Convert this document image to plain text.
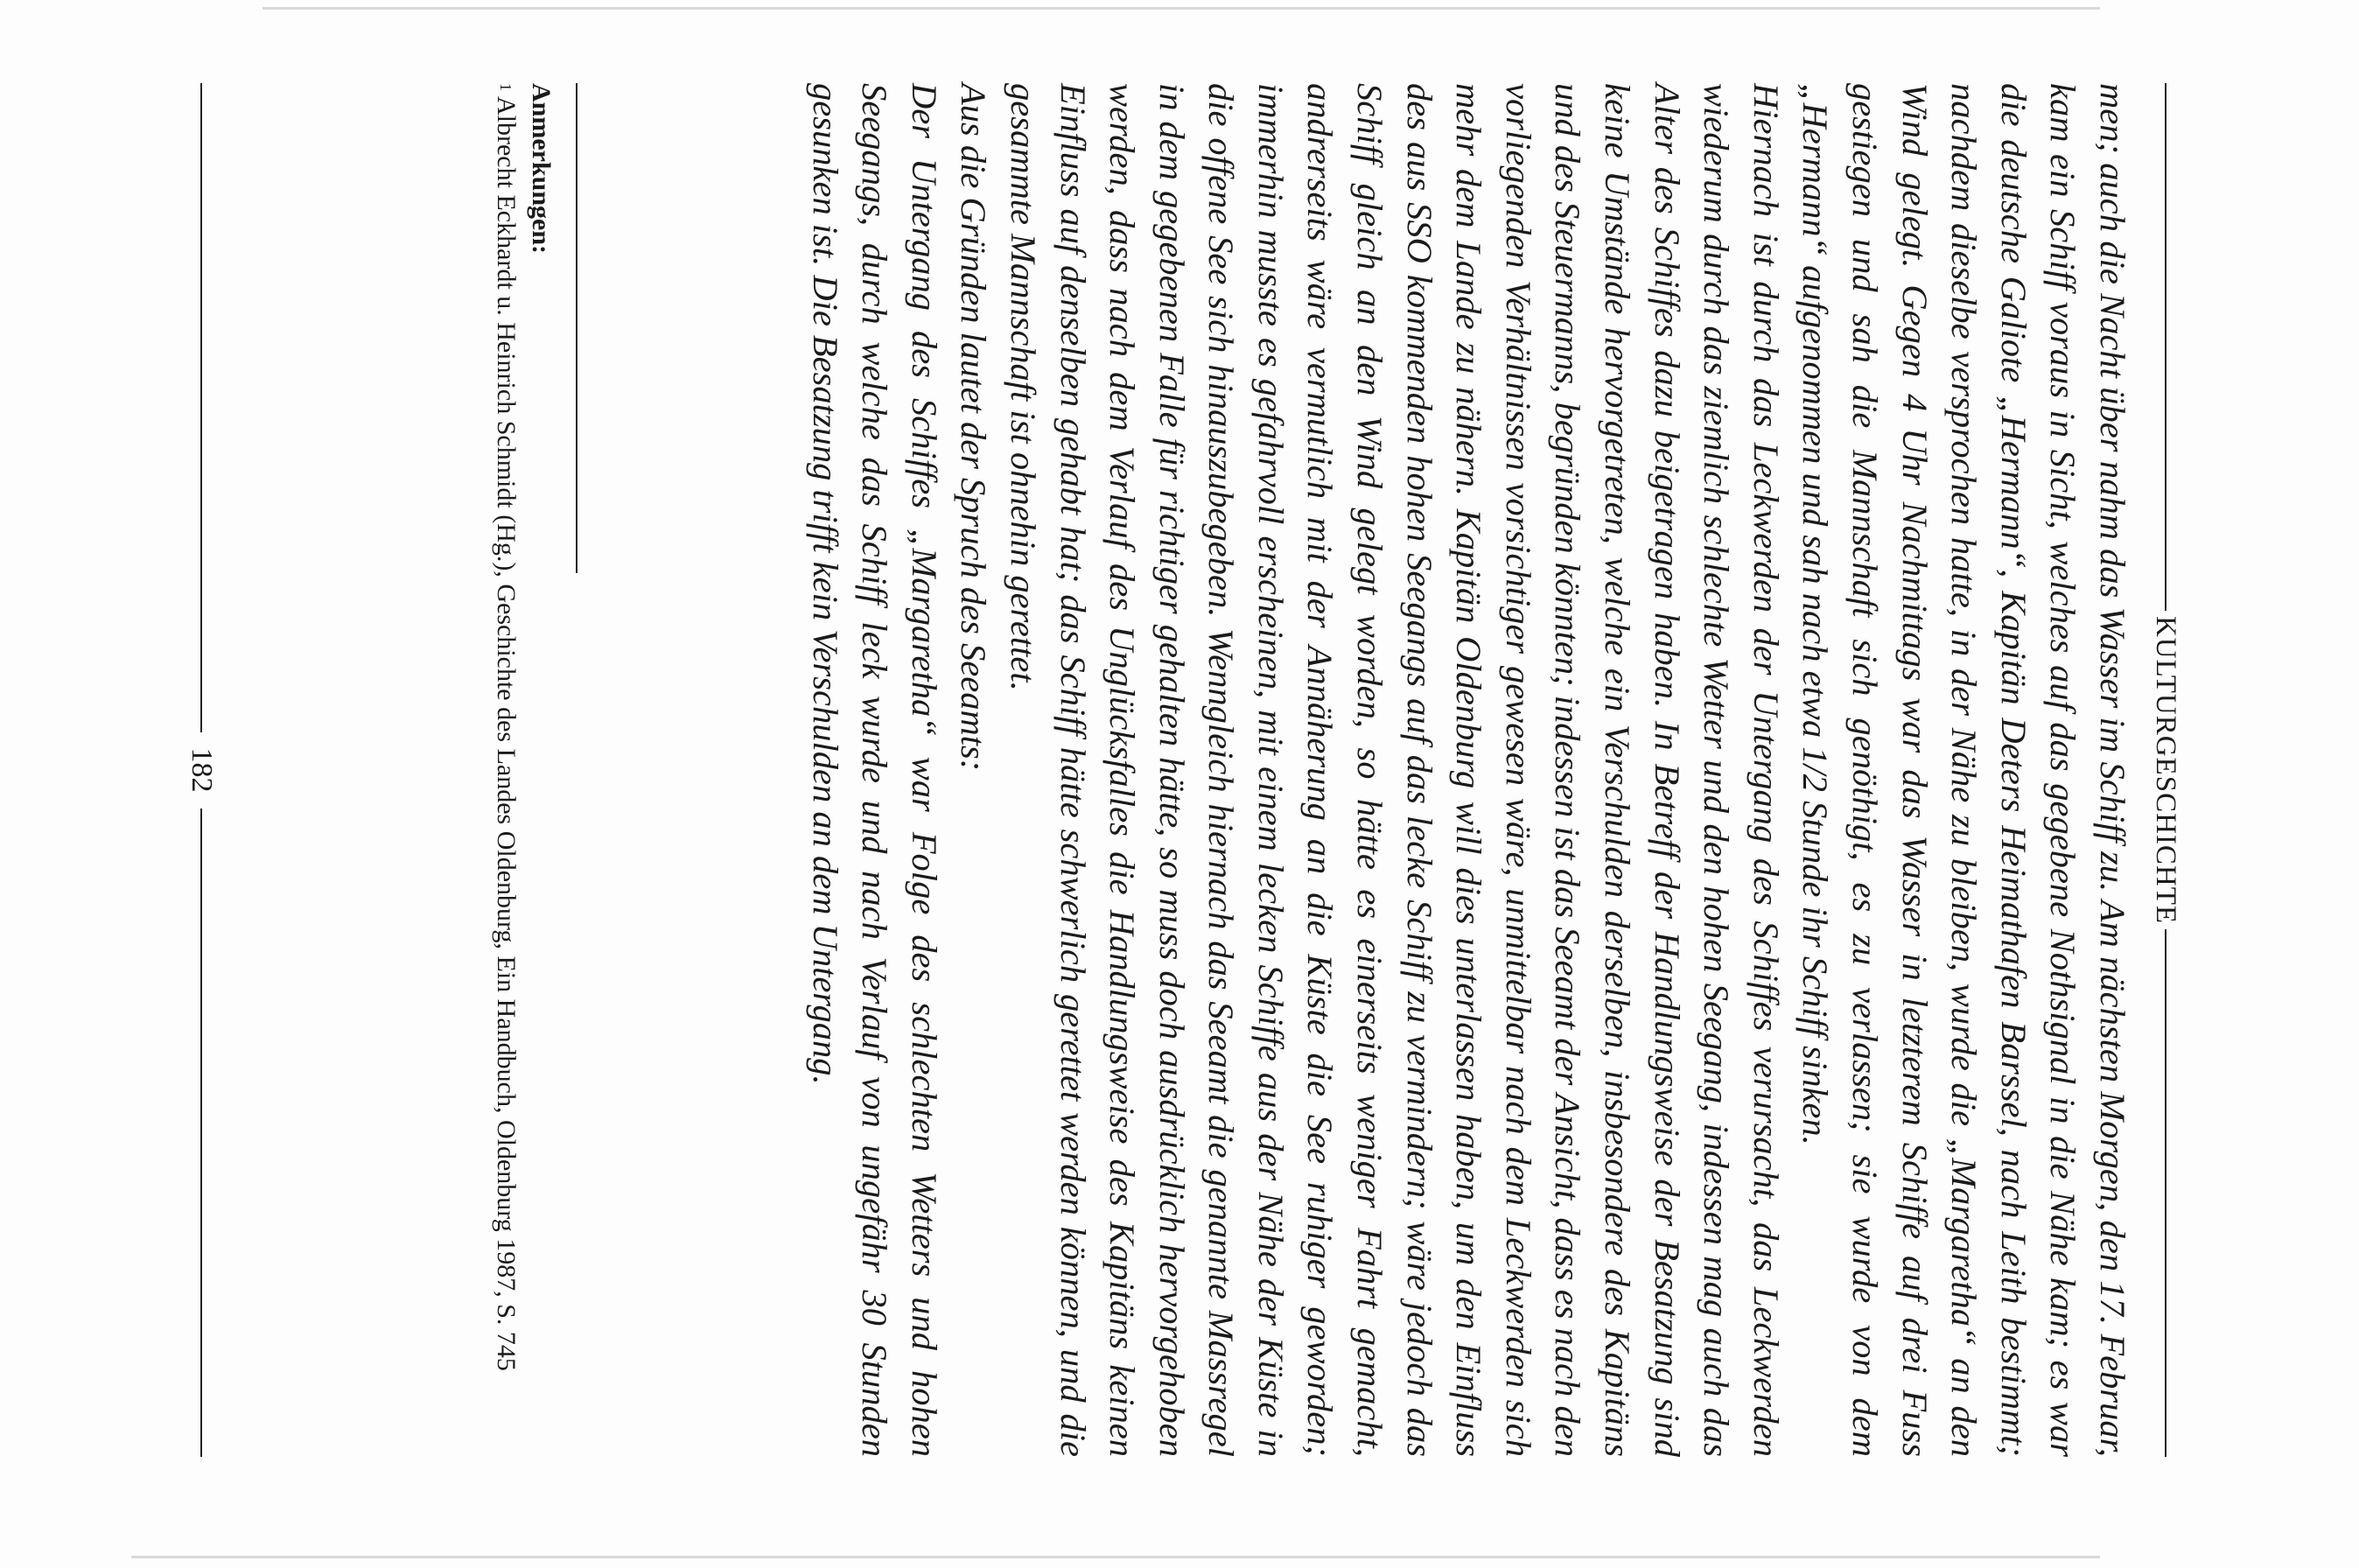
KULTURGESCHICHTE

men; auch die Nacht über nahm das Wasser im Schiff zu. Am nächsten Morgen, den 17. Februar, kam ein Schiff voraus in Sicht, welches auf das gegebene Nothsignal in die Nähe kam; es war die deutsche Galiote „Hermann“, Kapitän Deters Heimathafen Barssel, nach Leith bestimmt; nachdem dieselbe versprochen hatte, in der Nähe zu bleiben, wurde die „Margaretha“ an den Wind gelegt. Gegen 4 Uhr Nachmittags war das Wasser in letzterem Schiffe auf drei Fuss gestiegen und sah die Mannschaft sich genöthigt, es zu verlassen; sie wurde von dem „Hermann“ aufgenommen und sah nach etwa 1/2 Stunde ihr Schiff sinken.

Hiernach ist durch das Leckwerden der Untergang des Schiffes verursacht, das Leckwerden wiederum durch das ziemlich schlechte Wetter und den hohen Seegang, indessen mag auch das Alter des Schiffes dazu beigetragen haben. In Betreff der Handlungsweise der Besatzung sind keine Umstände hervorgetreten, welche ein Verschulden derselben, insbesondere des Kapitäns und des Steuermanns, begründen könnten; indessen ist das Seeamt der Ansicht, dass es nach den vorliegenden Verhältnissen vorsichtiger gewesen wäre, unmittelbar nach dem Leckwerden sich mehr dem Lande zu nähern. Kapitän Oldenburg will dies unterlassen haben, um den Einfluss des aus SSO kommenden hohen Seegangs auf das lecke Schiff zu vermindern; wäre jedoch das Schiff gleich an den Wind gelegt worden, so hätte es einerseits weniger Fahrt gemacht, andrerseits wäre vermutlich mit der Annäherung an die Küste die See ruhiger geworden; immerhin musste es gefahrvoll erscheinen, mit einem lecken Schiffe aus der Nähe der Küste in die offene See sich hinauszubegeben. Wenngleich hiernach das Seeamt die genannte Massregel in dem gegebenen Falle für richtiger gehalten hätte, so muss doch ausdrücklich hervorgehoben werden, dass nach dem Verlauf des Unglücksfalles die Handlungsweise des Kapitäns keinen Einfluss auf denselben gehabt hat; das Schiff hätte schwerlich gerettet werden können, und die gesammte Mannschaft ist ohnehin gerettet.

Aus die Gründen lautet der Spruch des Seeamts:

Der Untergang des Schiffes „Margaretha“ war Folge des schlechten Wetters und hohen Seegangs, durch welche das Schiff leck wurde und nach Verlauf von ungefähr 30 Stunden gesunken ist. Die Besatzung trifft kein Verschulden an dem Untergang.

Anmerkungen:

$^1$Albrecht Eckhardt u. Heinrich Schmidt (Hg.), Geschichte des Landes Oldenburg, Ein Handbuch, Oldenburg 1987, S. 745

182
